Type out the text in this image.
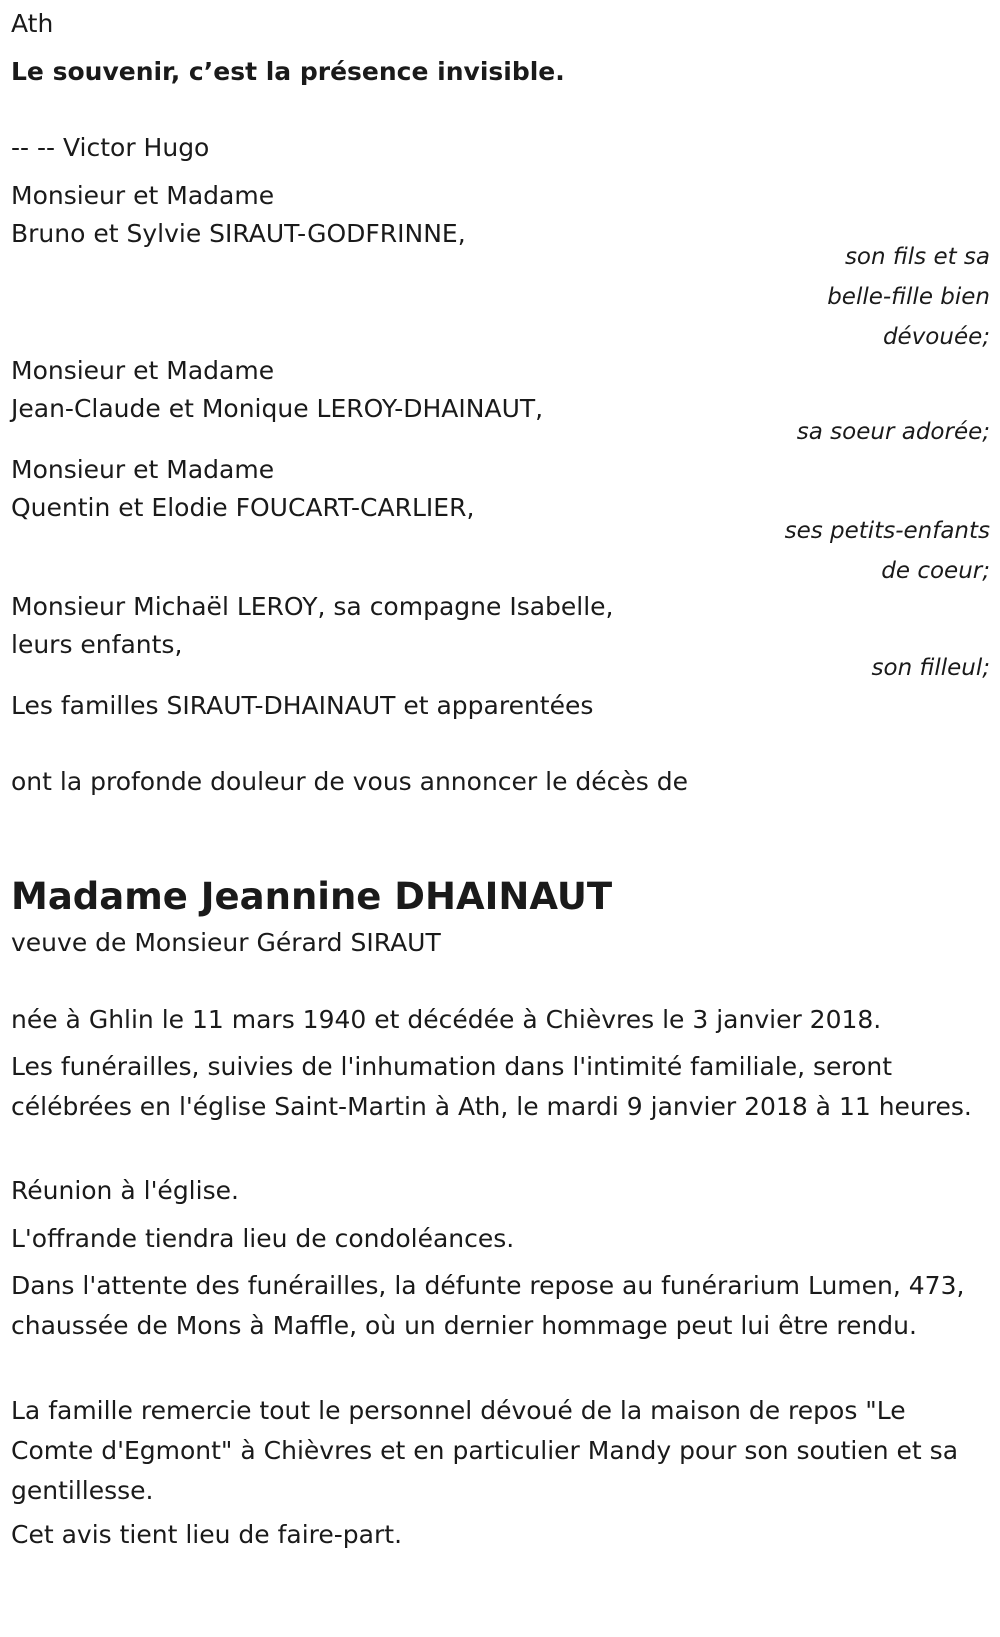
Ath

Le souvenir, c’est la présence invisible.

-- -- Victor Hugo

Monsieur et Madame

Bruno et Sylvie SIRAUT-GODFRINNE,

son fils et sa
belle-fille bien
dévouée;

Monsieur et Madame

Jean-Claude et Monique LEROY-DHAINAUT,

sa soeur adorée;

Monsieur et Madame

Quentin et Elodie FOUCART-CARLIER,

ses petits-enfants
de coeur;

Monsieur Michaël LEROY, sa compagne Isabelle,

leurs enfants,

son filleul;

Les familles SIRAUT-DHAINAUT et apparentées

ont la profonde douleur de vous annoncer le décès de

Madame Jeannine DHAINAUT

veuve de Monsieur Gérard SIRAUT

née à Ghlin le 11 mars 1940 et décédée à Chièvres le 3 janvier 2018.

Les funérailles, suivies de l'inhumation dans l'intimité familiale, seront célébrées en l'église Saint-Martin à Ath, le mardi 9 janvier 2018 à 11 heures.

Réunion à l'église.

L'offrande tiendra lieu de condoléances.

Dans l'attente des funérailles, la défunte repose au funérarium Lumen, 473, chaussée de Mons à Maffle, où un dernier hommage peut lui être rendu.

La famille remercie tout le personnel dévoué de la maison de repos "Le Comte d'Egmont" à Chièvres et en particulier Mandy pour son soutien et sa gentillesse.

Cet avis tient lieu de faire-part.
